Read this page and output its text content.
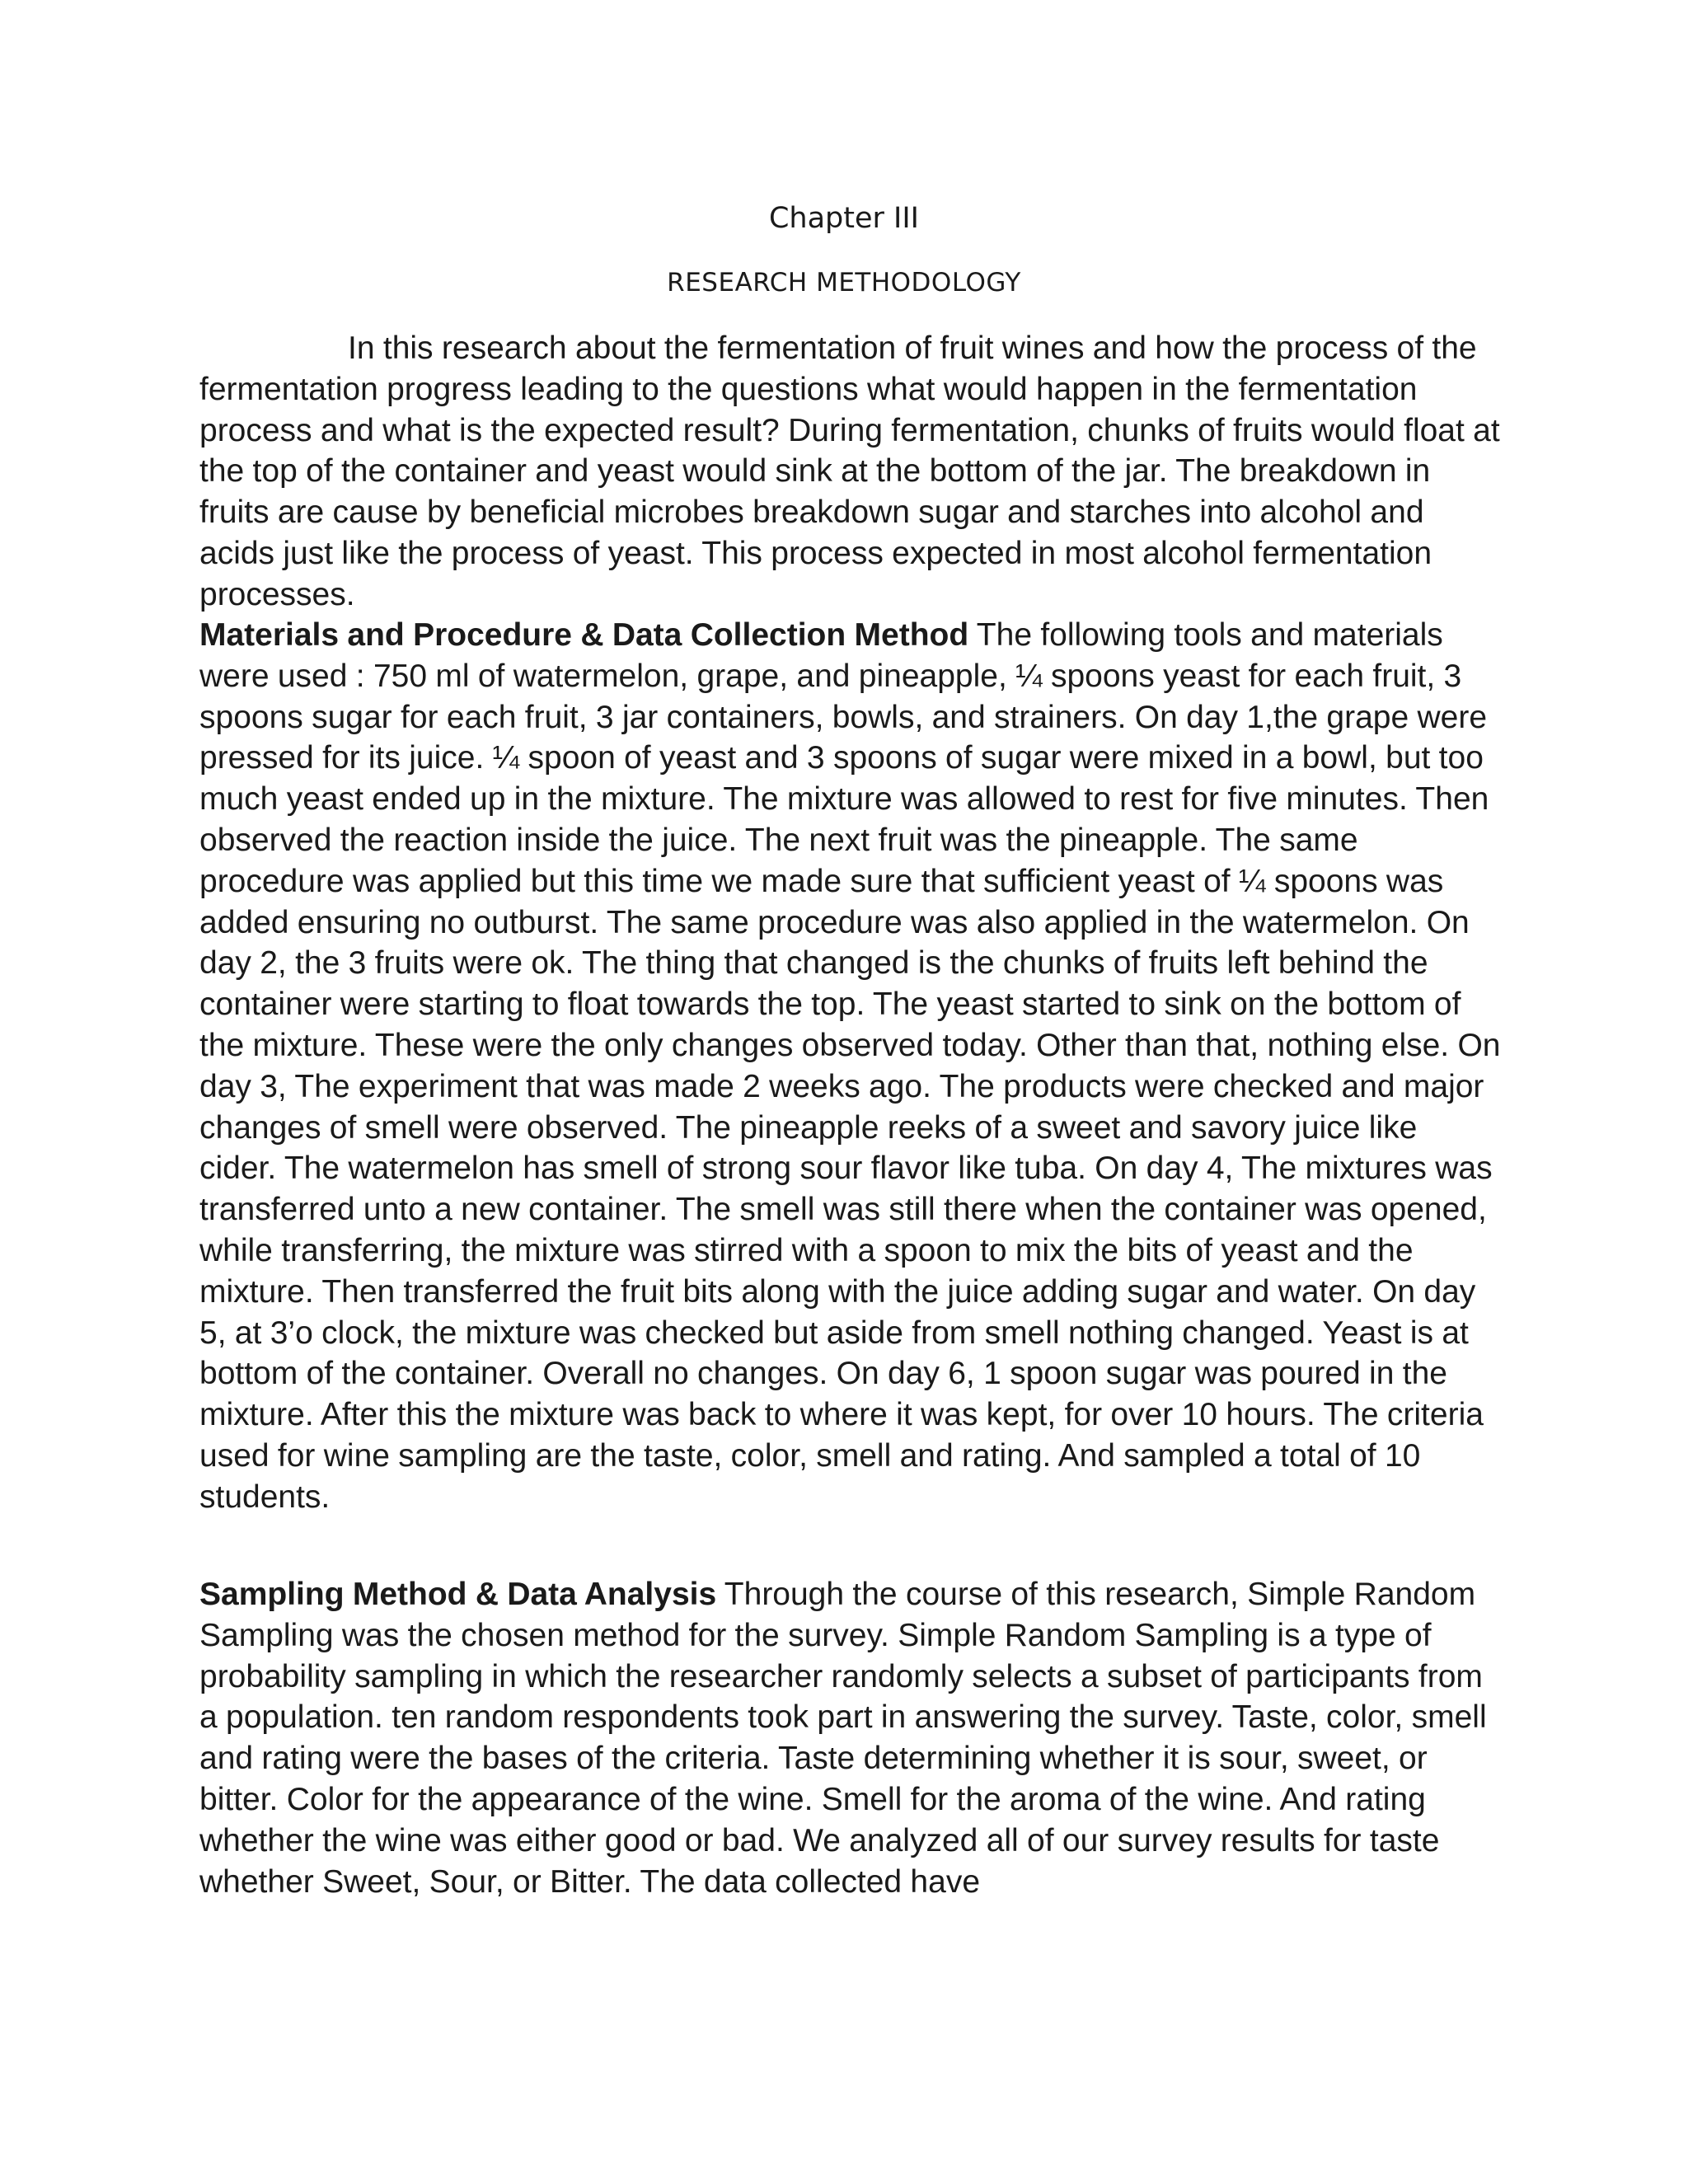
Chapter III
RESEARCH METHODOLOGY

In this research about the fermentation of fruit wines and how the process of the fermentation progress leading to the questions what would happen in the fermentation process and what is the expected result? During fermentation, chunks of fruits would float at the top of the container and yeast would sink at the bottom of the jar. The breakdown in fruits are cause by beneficial microbes breakdown sugar and starches into alcohol and acids just like the process of yeast. This process expected in most alcohol fermentation processes.

Materials and Procedure & Data Collection Method The following tools and materials were used : 750 ml of watermelon, grape, and pineapple, ¼ spoons yeast for each fruit, 3 spoons sugar for each fruit, 3 jar containers, bowls, and strainers. On day 1,the grape were pressed for its juice. ¼ spoon of yeast and 3 spoons of sugar were mixed in a bowl, but too much yeast ended up in the mixture. The mixture was allowed to rest for five minutes. Then observed the reaction inside the juice. The next fruit was the pineapple. The same procedure was applied but this time we made sure that sufficient yeast of ¼ spoons was added ensuring no outburst. The same procedure was also applied in the watermelon. On day 2, the 3 fruits were ok. The thing that changed is the chunks of fruits left behind the container were starting to float towards the top. The yeast started to sink on the bottom of the mixture. These were the only changes observed today. Other than that, nothing else. On day 3, The experiment that was made 2 weeks ago. The products were checked and major changes of smell were observed. The pineapple reeks of a sweet and savory juice like cider. The watermelon has smell of strong sour flavor like tuba. On day 4, The mixtures was transferred unto a new container. The smell was still there when the container was opened, while transferring, the mixture was stirred with a spoon to mix the bits of yeast and the mixture. Then transferred the fruit bits along with the juice adding sugar and water. On day 5, at 3’o clock, the mixture was checked but aside from smell nothing changed. Yeast is at bottom of the container. Overall no changes. On day 6, 1 spoon sugar was poured in the mixture. After this the mixture was back to where it was kept, for over 10 hours. The criteria used for wine sampling are the taste, color, smell and rating. And sampled a total of 10 students.

Sampling Method & Data Analysis Through the course of this research, Simple Random Sampling was the chosen method for the survey. Simple Random Sampling is a type of probability sampling in which the researcher randomly selects a subset of participants from a population. ten random respondents took part in answering the survey. Taste, color, smell and rating were the bases of the criteria. Taste determining whether it is sour, sweet, or bitter. Color for the appearance of the wine. Smell for the aroma of the wine. And rating whether the wine was either good or bad. We analyzed all of our survey results for taste whether Sweet, Sour, or Bitter. The data collected have
